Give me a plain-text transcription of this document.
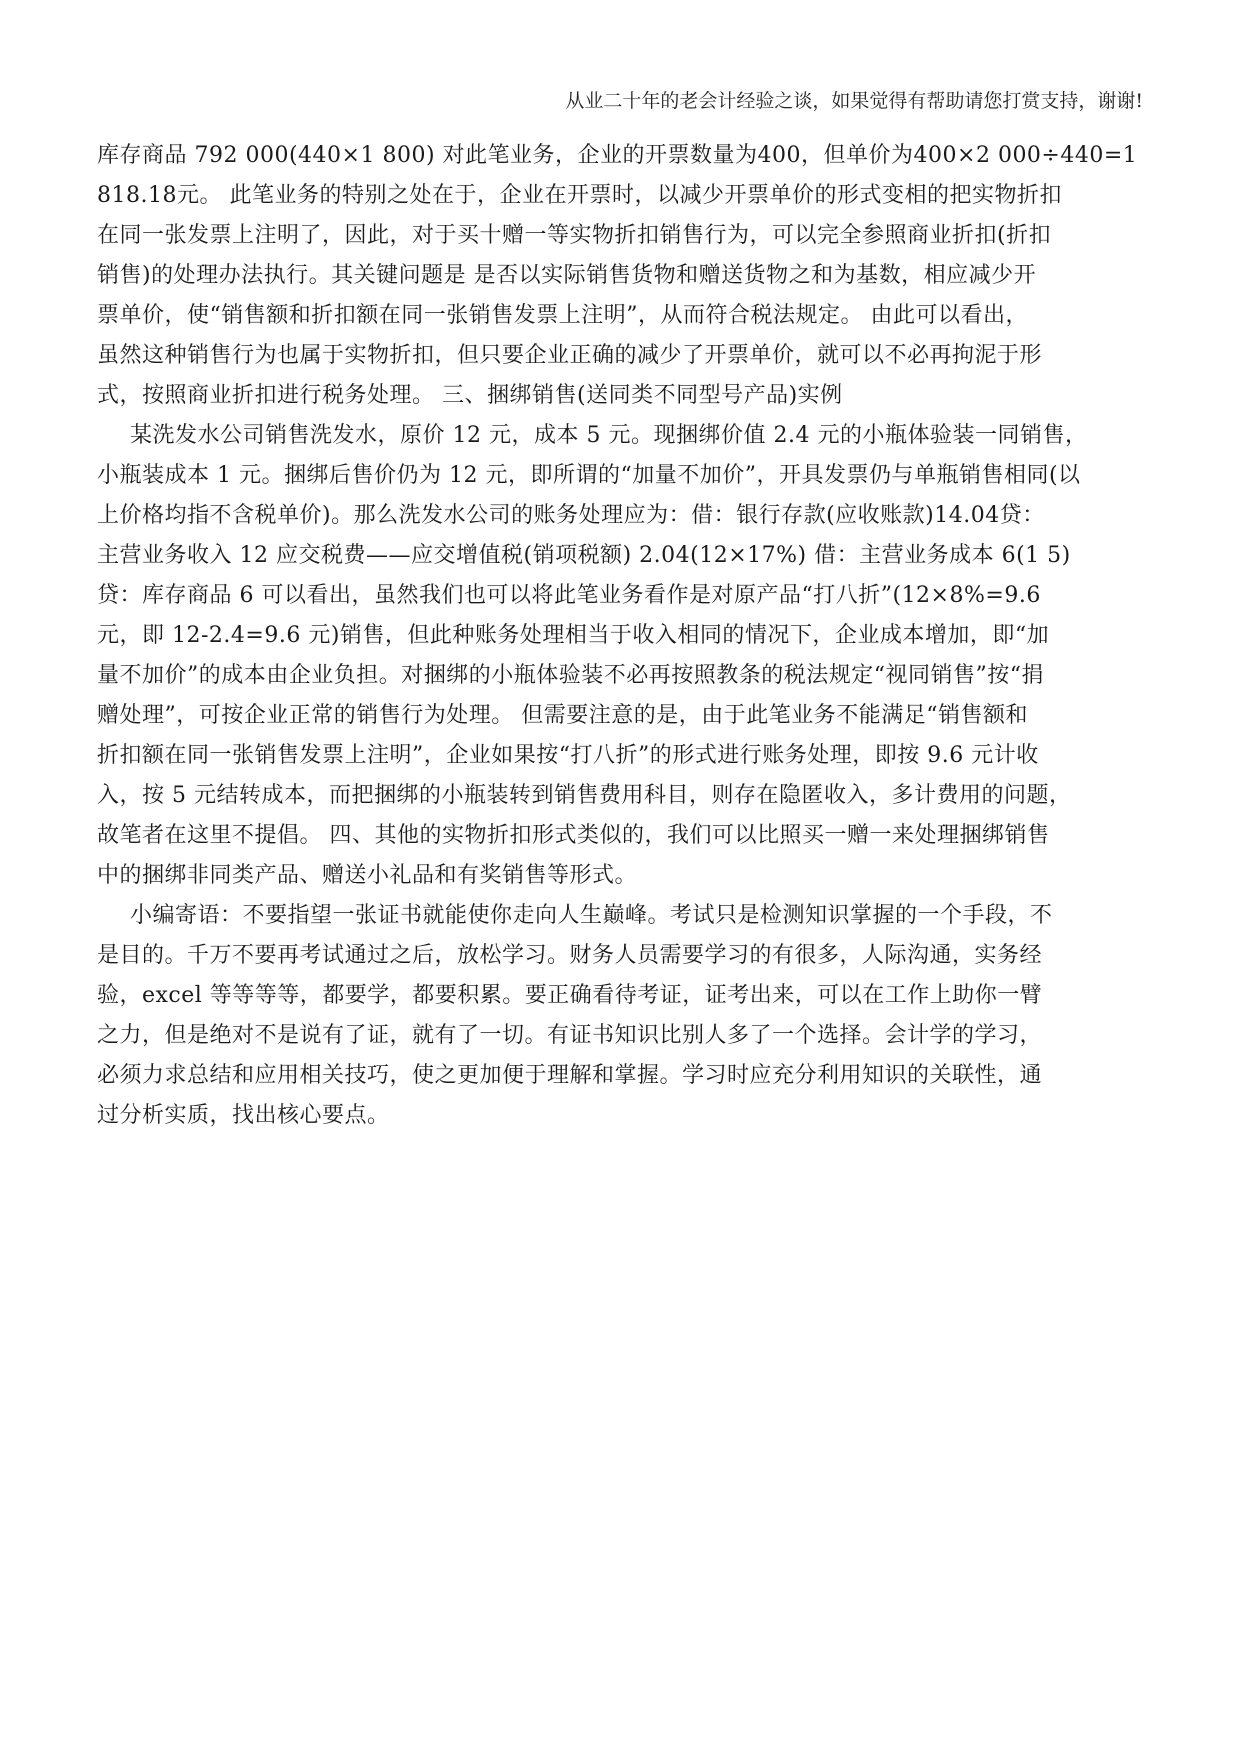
从业二十年的老会计经验之谈，如果觉得有帮助请您打赏支持，谢谢!

库存商品 792 000(440×1 800) 对此笔业务，企业的开票数量为400，但单价为400×2 000÷440=1
818.18元。 此笔业务的特别之处在于，企业在开票时，以减少开票单价的形式变相的把实物折扣
在同一张发票上注明了，因此，对于买十赠一等实物折扣销售行为，可以完全参照商业折扣(折扣
销售)的处理办法执行。其关键问题是 是否以实际销售货物和赠送货物之和为基数，相应减少开
票单价，使“销售额和折扣额在同一张销售发票上注明”，从而符合税法规定。 由此可以看出，
虽然这种销售行为也属于实物折扣，但只要企业正确的减少了开票单价，就可以不必再拘泥于形
式，按照商业折扣进行税务处理。 三、捆绑销售(送同类不同型号产品)实例

某洗发水公司销售洗发水，原价 12 元，成本 5 元。现捆绑价值 2.4 元的小瓶体验装一同销售，
小瓶装成本 1 元。捆绑后售价仍为 12 元，即所谓的“加量不加价”，开具发票仍与单瓶销售相同(以
上价格均指不含税单价)。那么洗发水公司的账务处理应为：借：银行存款(应收账款)14.04贷：
主营业务收入 12 应交税费——应交增值税(销项税额) 2.04(12×17%) 借：主营业务成本 6(1 5)
贷：库存商品 6 可以看出，虽然我们也可以将此笔业务看作是对原产品“打八折”(12×8%=9.6
元，即 12-2.4=9.6 元)销售，但此种账务处理相当于收入相同的情况下，企业成本增加，即“加
量不加价”的成本由企业负担。对捆绑的小瓶体验装不必再按照教条的税法规定“视同销售”按“捐
赠处理”，可按企业正常的销售行为处理。 但需要注意的是，由于此笔业务不能满足“销售额和
折扣额在同一张销售发票上注明”，企业如果按“打八折”的形式进行账务处理，即按 9.6 元计收
入，按 5 元结转成本，而把捆绑的小瓶装转到销售费用科目，则存在隐匿收入，多计费用的问题，
故笔者在这里不提倡。 四、其他的实物折扣形式类似的，我们可以比照买一赠一来处理捆绑销售
中的捆绑非同类产品、赠送小礼品和有奖销售等形式。

小编寄语：不要指望一张证书就能使你走向人生巅峰。考试只是检测知识掌握的一个手段，不
是目的。千万不要再考试通过之后，放松学习。财务人员需要学习的有很多，人际沟通，实务经
验，excel 等等等等，都要学，都要积累。要正确看待考证，证考出来，可以在工作上助你一臂
之力，但是绝对不是说有了证，就有了一切。有证书知识比别人多了一个选择。会计学的学习，
必须力求总结和应用相关技巧，使之更加便于理解和掌握。学习时应充分利用知识的关联性，通
过分析实质，找出核心要点。
